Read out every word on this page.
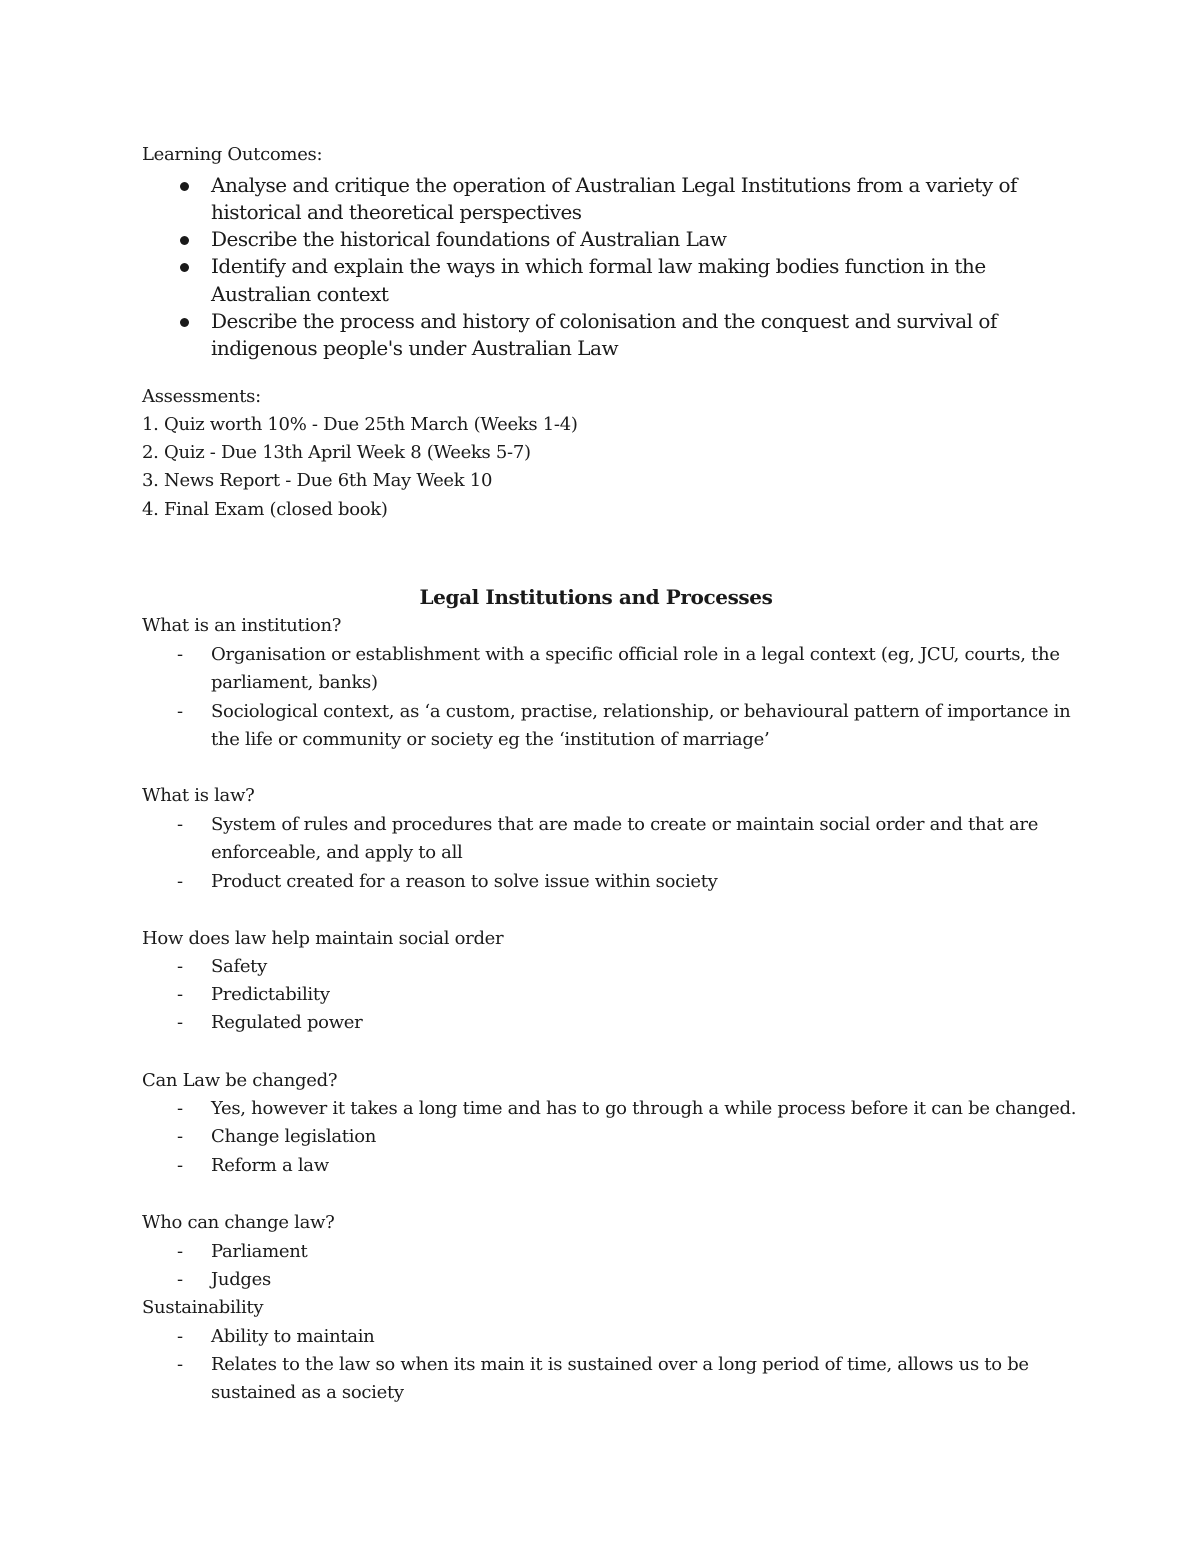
Learning Outcomes:
Analyse and critique the operation of Australian Legal Institutions from a variety of
historical and theoretical perspectives
Describe the historical foundations of Australian Law
Identify and explain the ways in which formal law making bodies function in the
Australian context
Describe the process and history of colonisation and the conquest and survival of
indigenous people's under Australian Law
Assessments:
1. Quiz worth 10% - Due 25th March (Weeks 1-4)
2. Quiz - Due 13th April Week 8 (Weeks 5-7)
3. News Report - Due 6th May Week 10
4. Final Exam (closed book)
Legal Institutions and Processes
What is an institution?
- Organisation or establishment with a specific official role in a legal context (eg, JCU, courts, the
parliament, banks)
- Sociological context, as ‘a custom, practise, relationship, or behavioural pattern of importance in
the life or community or society eg the ‘institution of marriage’
What is law?
- System of rules and procedures that are made to create or maintain social order and that are
enforceable, and apply to all
- Product created for a reason to solve issue within society
How does law help maintain social order
- Safety
- Predictability
- Regulated power
Can Law be changed?
- Yes, however it takes a long time and has to go through a while process before it can be changed.
- Change legislation
- Reform a law
Who can change law?
- Parliament
- Judges
Sustainability
- Ability to maintain
- Relates to the law so when its main it is sustained over a long period of time, allows us to be
sustained as a society
